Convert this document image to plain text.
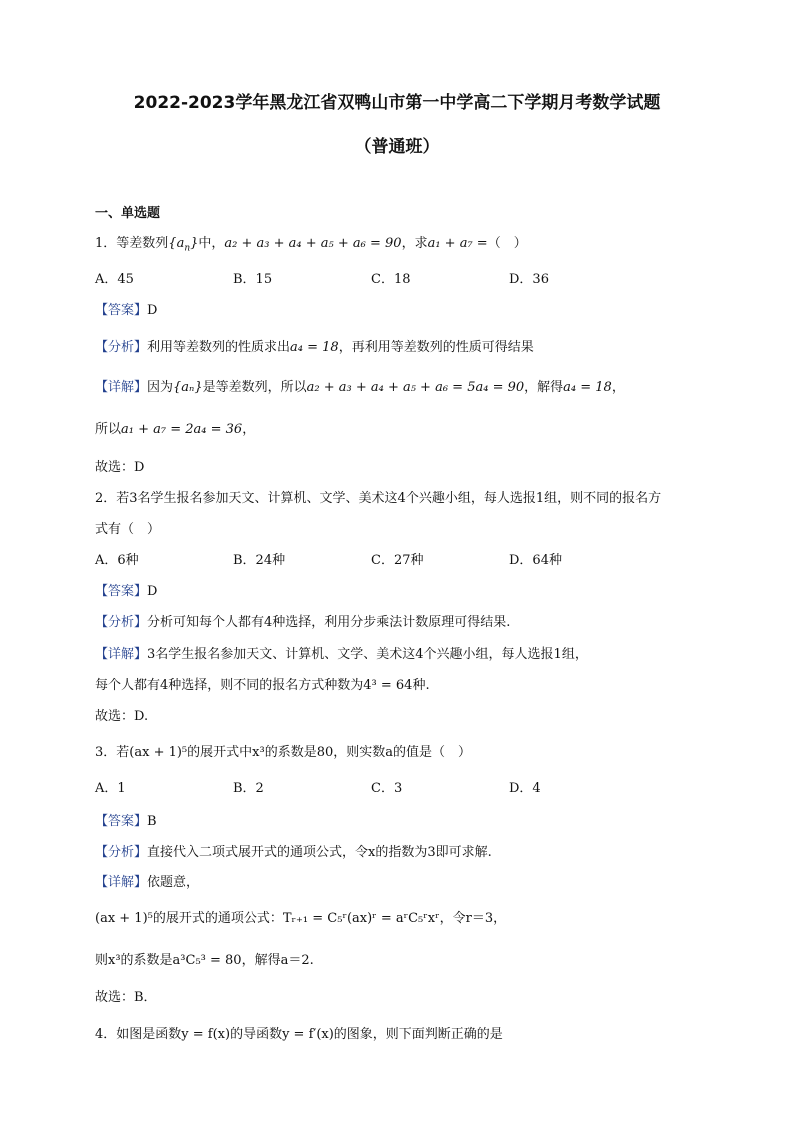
2022-2023学年黑龙江省双鸭山市第一中学高二下学期月考数学试题
（普通班）
一、单选题
1．等差数列$\{a_n\}$中，a₂ + a₃ + a₄ + a₅ + a₆ = 90，求a₁ + a₇ =（　）
A．45	B．15	C．18	D．36
【答案】D
【分析】利用等差数列的性质求出a₄ = 18，再利用等差数列的性质可得结果
【详解】因为{aₙ}是等差数列，所以a₂ + a₃ + a₄ + a₅ + a₆ = 5a₄ = 90，解得a₄ = 18，
所以a₁ + a₇ = 2a₄ = 36，
故选：D
2．若3名学生报名参加天文、计算机、文学、美术这4个兴趣小组，每人选报1组，则不同的报名方
式有（　）
A．6种	B．24种	C．27种	D．64种
【答案】D
【分析】分析可知每个人都有4种选择，利用分步乘法计数原理可得结果.
【详解】3名学生报名参加天文、计算机、文学、美术这4个兴趣小组，每人选报1组，
每个人都有4种选择，则不同的报名方式种数为4³ = 64种.
故选：D.
3．若(ax + 1)⁵的展开式中x³的系数是80，则实数a的值是（　）
A．1	B．2	C．3	D．4
【答案】B
【分析】直接代入二项式展开式的通项公式，令x的指数为3即可求解.
【详解】依题意，
(ax + 1)⁵的展开式的通项公式：Tᵣ₊₁ = C₅ʳ(ax)ʳ = aʳC₅ʳxʳ，令r＝3，
则x³的系数是a³C₅³ = 80，解得a＝2.
故选：B．
4．如图是函数y = f(x)的导函数y = f′(x)的图象，则下面判断正确的是
